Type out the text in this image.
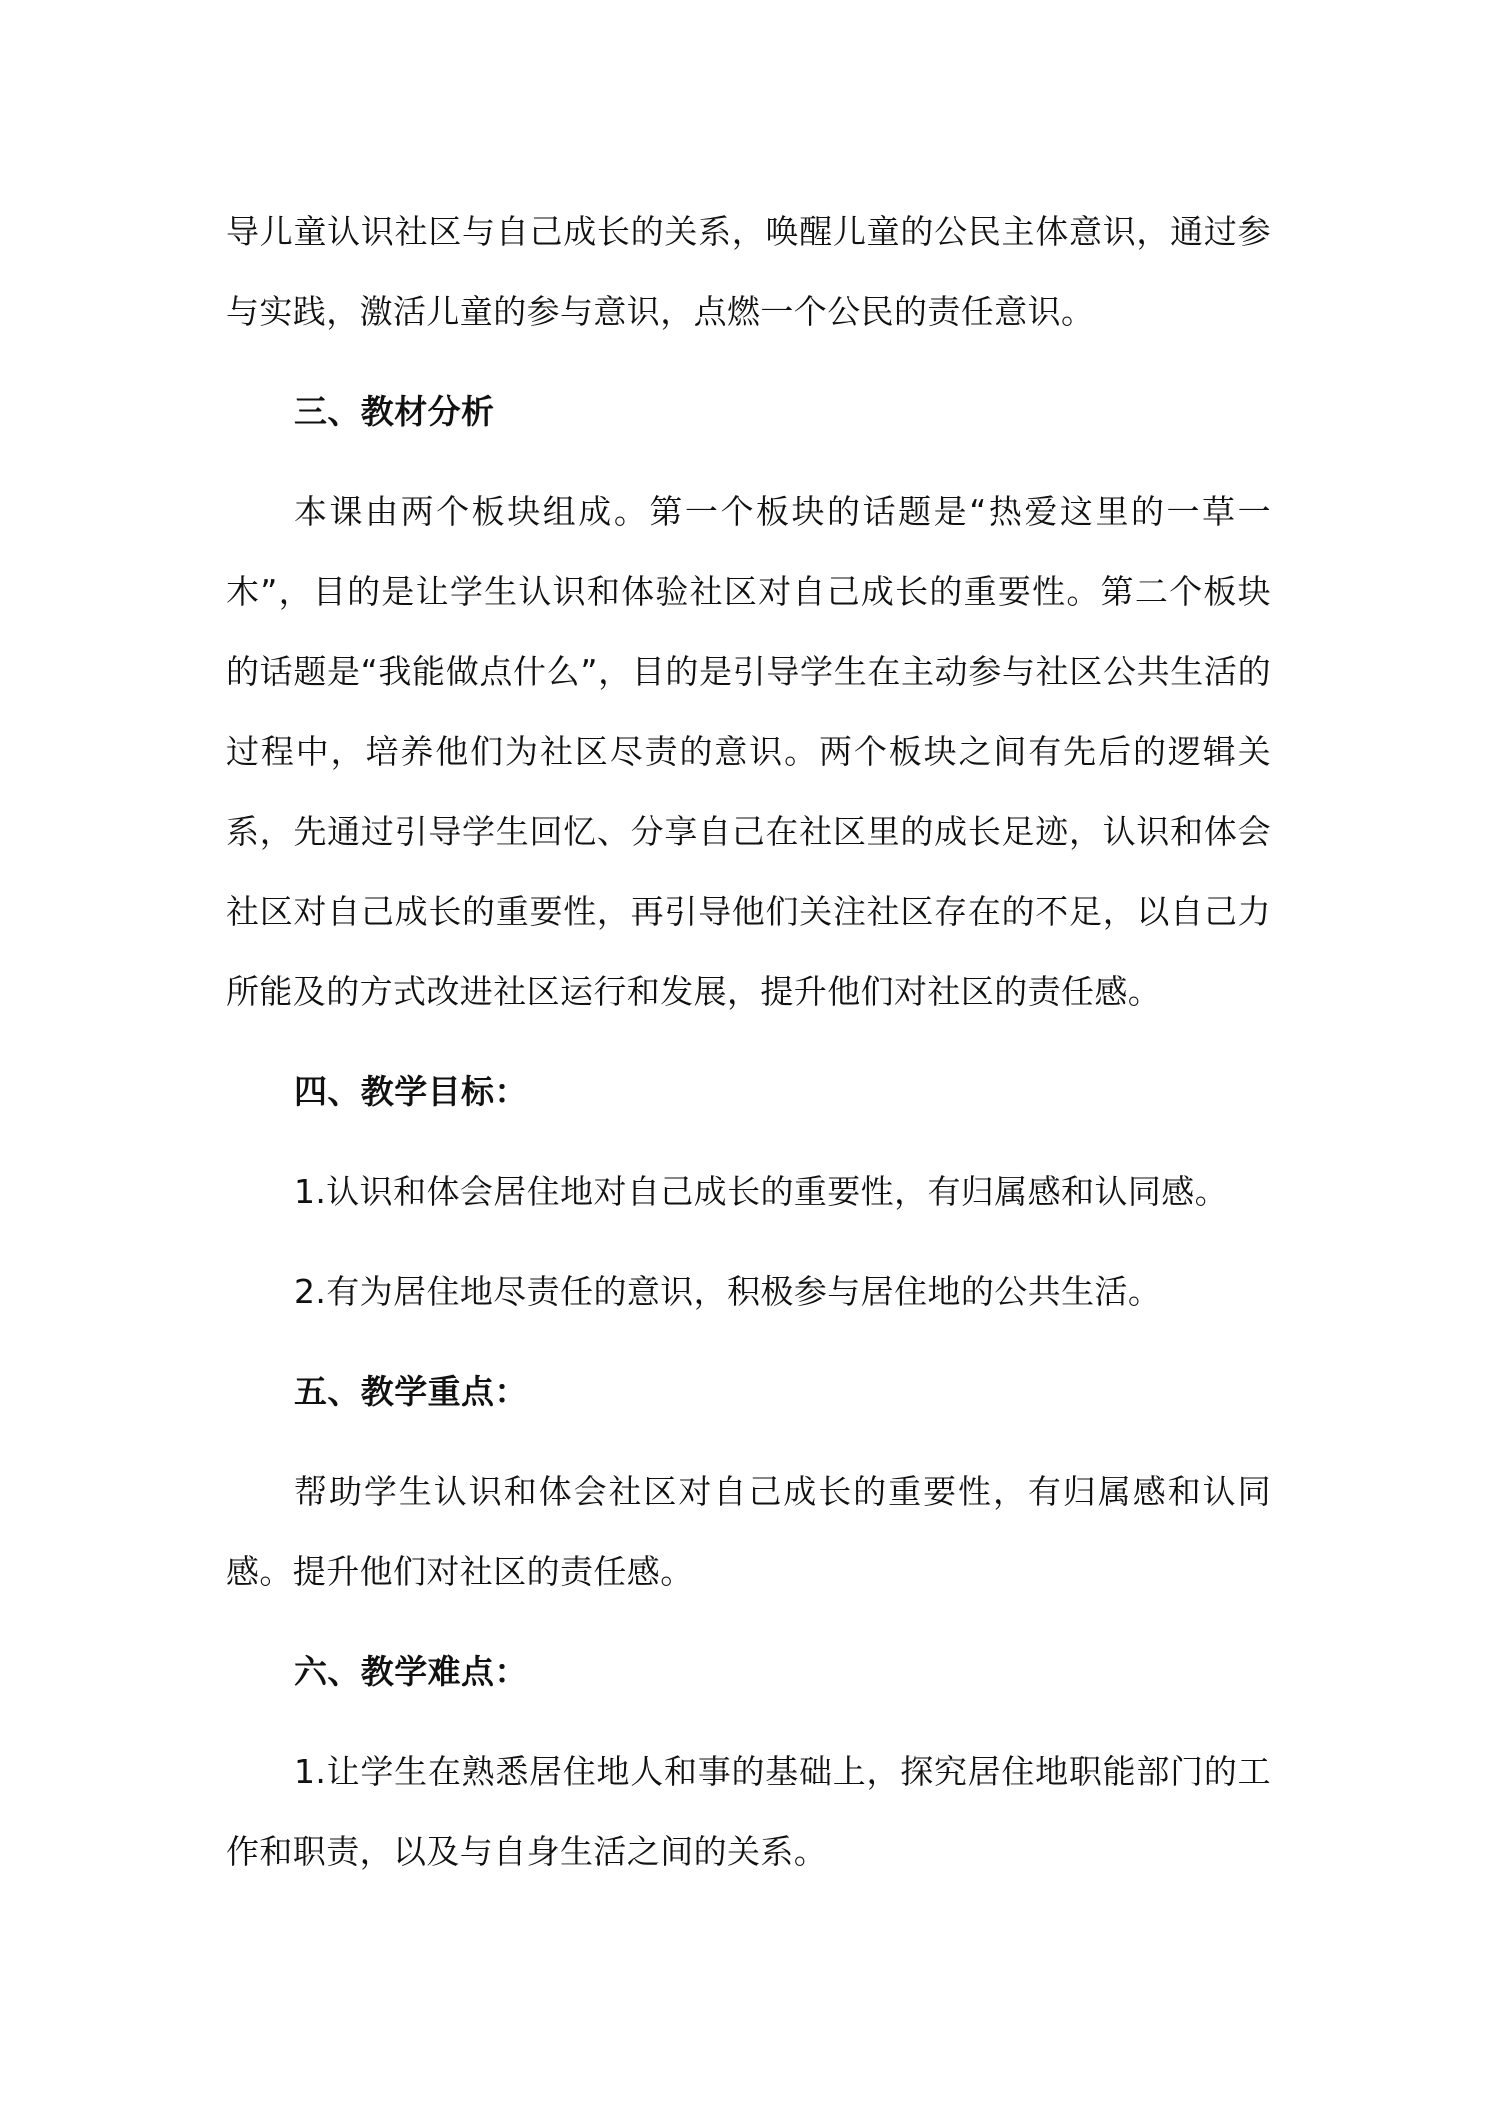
导儿童认识社区与自己成长的关系，唤醒儿童的公民主体意识，通过参与实践，激活儿童的参与意识，点燃一个公民的责任意识。

三、教材分析

本课由两个板块组成。第一个板块的话题是“热爱这里的一草一木”，目的是让学生认识和体验社区对自己成长的重要性。第二个板块的话题是“我能做点什么”，目的是引导学生在主动参与社区公共生活的过程中，培养他们为社区尽责的意识。两个板块之间有先后的逻辑关系，先通过引导学生回忆、分享自己在社区里的成长足迹，认识和体会社区对自己成长的重要性，再引导他们关注社区存在的不足，以自己力所能及的方式改进社区运行和发展，提升他们对社区的责任感。

四、教学目标：

1.认识和体会居住地对自己成长的重要性，有归属感和认同感。

2.有为居住地尽责任的意识，积极参与居住地的公共生活。

五、教学重点：

帮助学生认识和体会社区对自己成长的重要性，有归属感和认同感。提升他们对社区的责任感。

六、教学难点：

1.让学生在熟悉居住地人和事的基础上，探究居住地职能部门的工作和职责，以及与自身生活之间的关系。
